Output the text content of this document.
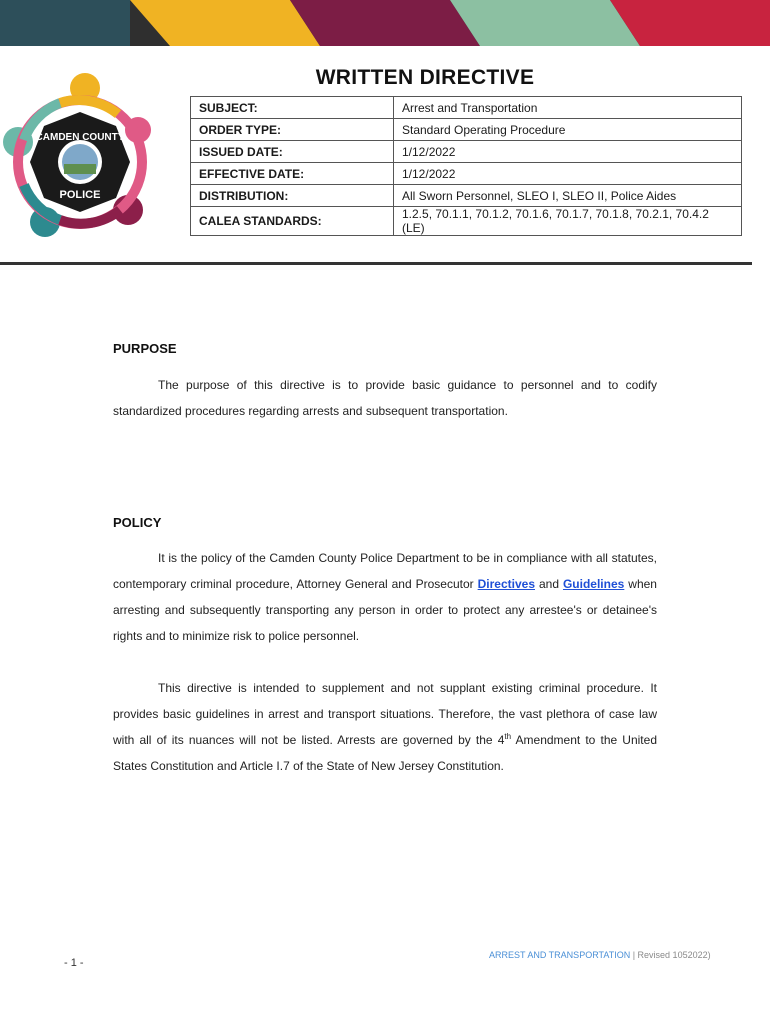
CAMDEN COUNTY
POLICE
WRITTEN DIRECTIVE
SUBJECT:	Arrest and Transportation
ORDER TYPE:	Standard Operating Procedure
ISSUED DATE:	1/12/2022
EFFECTIVE DATE:	1/12/2022
DISTRIBUTION:	All Sworn Personnel, SLEO I, SLEO II, Police Aides
CALEA STANDARDS:	1.2.5, 70.1.1, 70.1.2, 70.1.6, 70.1.7, 70.1.8, 70.2.1, 70.4.2 (LE)
PURPOSE
The purpose of this directive is to provide basic guidance to personnel and to codify standardized procedures regarding arrests and subsequent transportation.
POLICY
It is the policy of the Camden County Police Department to be in compliance with all statutes, contemporary criminal procedure, Attorney General and Prosecutor Directives and Guidelines when arresting and subsequently transporting any person in order to protect any arrestee's or detainee's rights and to minimize risk to police personnel.
This directive is intended to supplement and not supplant existing criminal procedure. It provides basic guidelines in arrest and transport situations. Therefore, the vast plethora of case law with all of its nuances will not be listed. Arrests are governed by the 4th Amendment to the United States Constitution and Article I.7 of the State of New Jersey Constitution.
- 1 -
ARREST AND TRANSPORTATION | Revised 1052022)
